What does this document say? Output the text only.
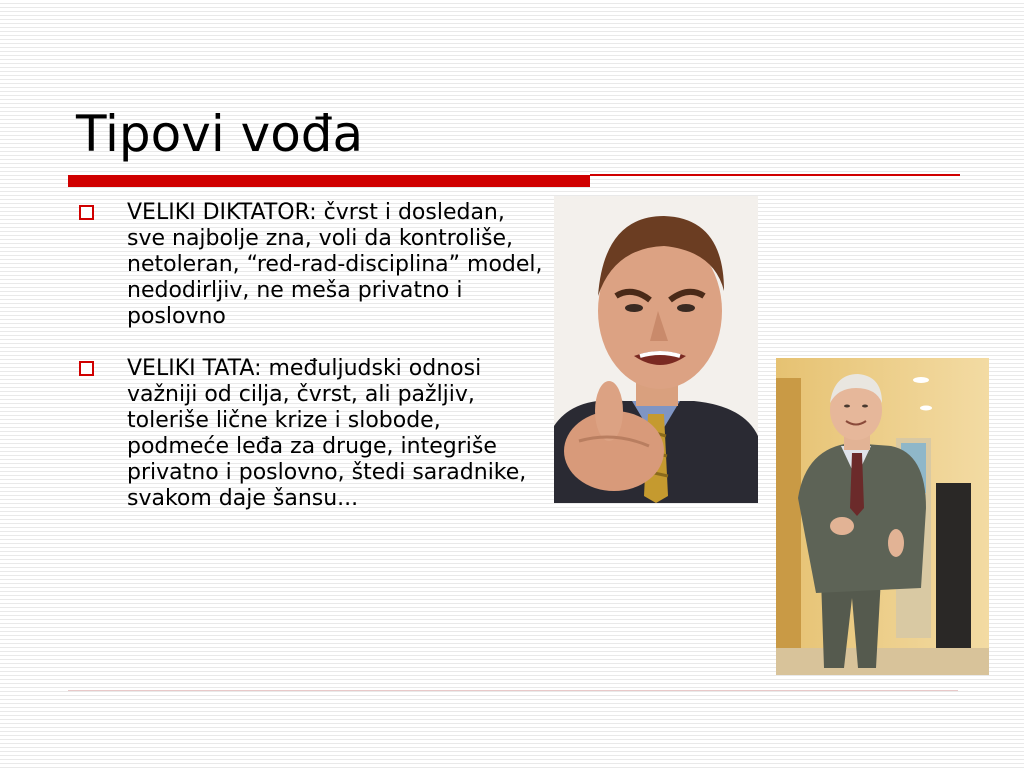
Tipovi vođa
VELIKI DIKTATOR: čvrst i dosledan, sve najbolje zna, voli da kontroliše, netoleran, “red-rad-disciplina” model, nedodirljiv, ne meša privatno i poslovno
VELIKI TATA: međuljudski odnosi važniji od cilja, čvrst, ali pažljiv, toleriše lične krize i slobode, podmeće leđa za druge, integriše privatno i poslovno, štedi saradnike, svakom daje šansu...
